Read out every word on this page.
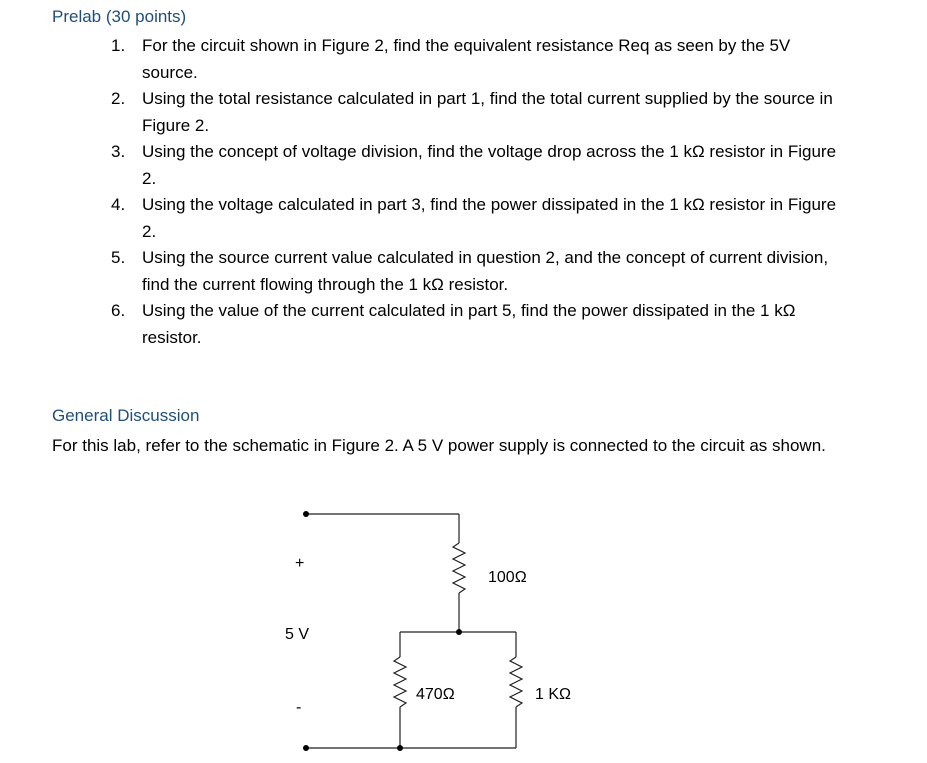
Prelab (30 points)
1. For the circuit shown in Figure 2, find the equivalent resistance Req as seen by the 5V source.
2. Using the total resistance calculated in part 1, find the total current supplied by the source in Figure 2.
3. Using the concept of voltage division, find the voltage drop across the 1 kΩ resistor in Figure 2.
4. Using the voltage calculated in part 3, find the power dissipated in the 1 kΩ resistor in Figure 2.
5. Using the source current value calculated in question 2, and the concept of current division, find the current flowing through the 1 kΩ resistor.
6. Using the value of the current calculated in part 5, find the power dissipated in the 1 kΩ resistor.
General Discussion

For this lab, refer to the schematic in Figure 2. A 5 V power supply is connected to the circuit as shown.

+
5 V
-
100Ω
470Ω	1 KΩ
